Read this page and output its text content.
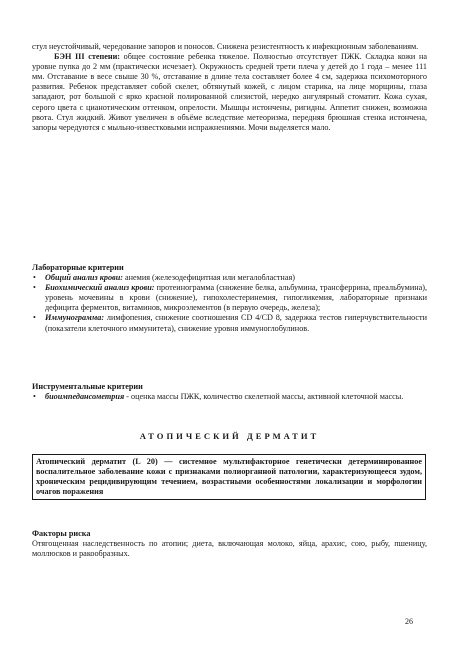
стул неустойчивый, чередование запоров и поносов. Снижена резистентность к инфекционным заболеваниям.

БЭН III степени: общее состояние ребенка тяжелое. Полностью отсутствует ПЖК. Складка кожи на уровне пупка до 2 мм (практически исчезает). Окружность средней трети плеча у детей до 1 года – менее 111 мм. Отставание в весе свыше 30 %, отставание в длине тела составляет более 4 см, задержка психомоторного развития. Ребенок представляет собой скелет, обтянутый кожей, с лицом старика, на лице морщины, глаза западают, рот большой с ярко красной полированной слизистой, нередко ангулярный стоматит. Кожа сухая, серого цвета с цианотическим оттенком, опрелости. Мышцы истончены, ригидны. Аппетит снижен, возможна рвота. Стул жидкий. Живот увеличен в объёме вследствие метеоризма, передняя брюшная стенка истончена, запоры чередуются с мыльно-известковыми испражнениями. Мочи выделяется мало.

Лабораторные критерии

• Общий анализ крови: анемия (железодефицитная или мегалобластная)
• Биохимический анализ крови: протеинограмма (снижение белка, альбумина, трансферрина, преальбумина), уровень мочевины в крови (снижение), гипохолестеринемия, гипогликемия, лабораторные признаки дефицита ферментов, витаминов, микроэлементов (в первую очередь, железа);
• Иммунограмма: лимфопения, снижение соотношения CD 4/CD 8, задержка тестов гиперчувствительности (показатели клеточного иммунитета), снижение уровня иммуноглобулинов.

Инструментальные критерии

• биоимпедансометрия - оценка массы ПЖК, количество скелетной массы, активной клеточной массы.
АТОПИЧЕСКИЙ ДЕРМАТИТ
Атопический дерматит (L 20) — системное мультифакторное генетически детерминированное воспалительное заболевание кожи с признаками полиорганной патологии, характеризующееся зудом, хроническим рецидивирующим течением, возрастными особенностями локализации и морфологии очагов поражения

Факторы риска

Отягощенная наследственность по атопии; диета, включающая молоко, яйца, арахис, сою, рыбу, пшеницу, моллюсков и ракообразных.

26
